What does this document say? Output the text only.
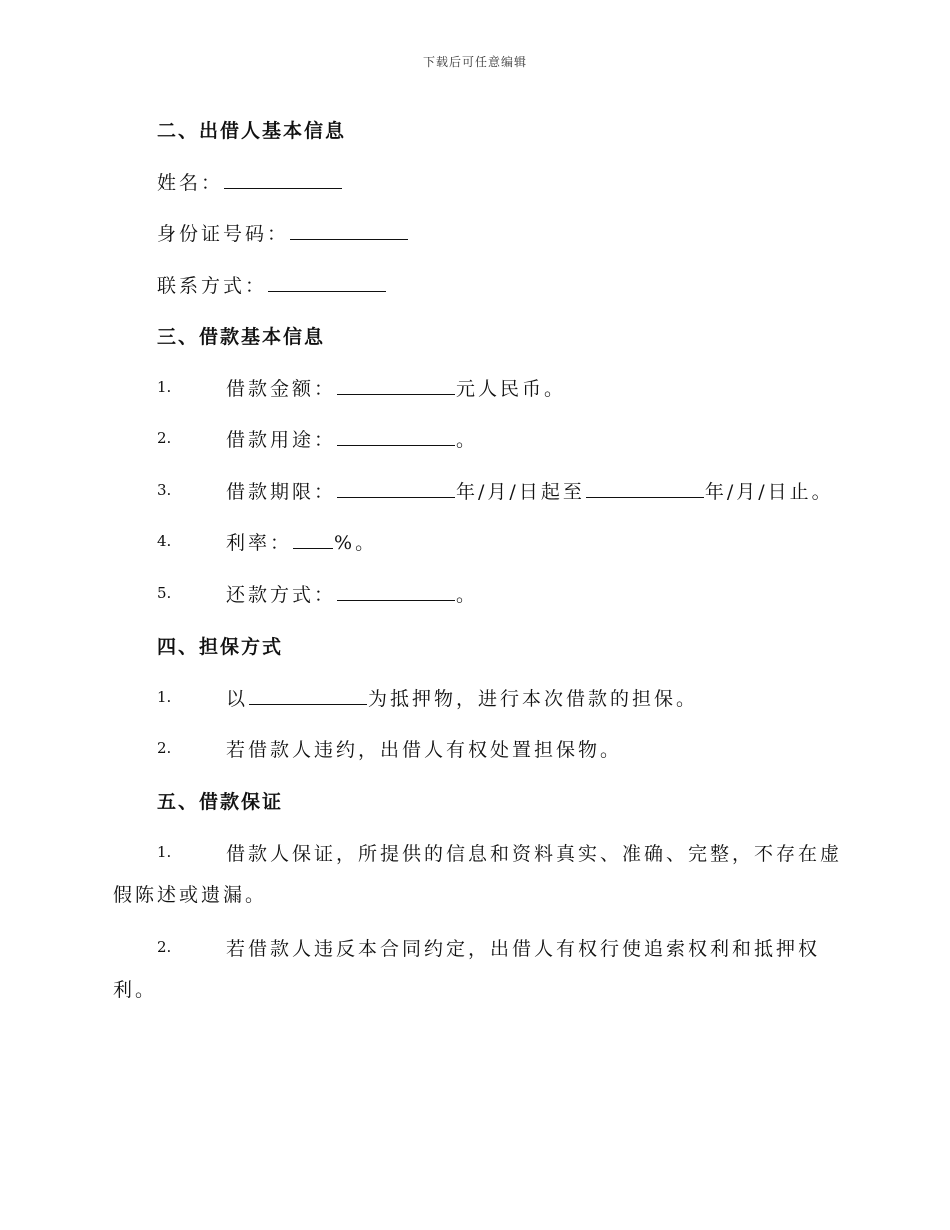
下载后可任意编辑
二、出借人基本信息
姓名：
身份证号码：
联系方式：
三、借款基本信息
1.	借款金额：	元人民币。
2.	借款用途：	。
3.	借款期限：	年/月/日起至	年/月/日止。
4.	利率： %。
5.	还款方式：	。
四、担保方式
1.	以	为抵押物，进行本次借款的担保。
2.	若借款人违约，出借人有权处置担保物。
五、借款保证
1.	借款人保证，所提供的信息和资料真实、准确、完整，不存在虚
假陈述或遗漏。
2.	若借款人违反本合同约定，出借人有权行使追索权利和抵押权
利。
